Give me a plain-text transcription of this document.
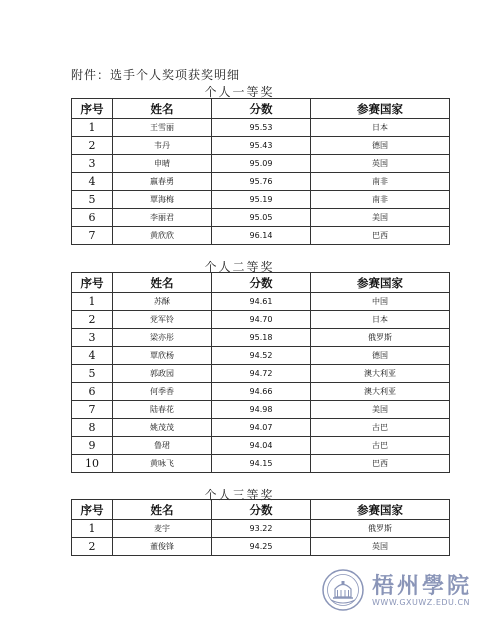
附件：选手个人奖项获奖明细
个人一等奖
序号	姓名	分数	参赛国家
1	王雪丽	95.53	日本
2	韦丹	95.43	德国
3	申晴	95.09	英国
4	嬴春勇	95.76	南非
5	覃海梅	95.19	南非
6	李丽君	95.05	美国
7	黄欣欣	96.14	巴西
个人二等奖
序号	姓名	分数	参赛国家
1	苏酥	94.61	中国
2	党军铃	94.70	日本
3	梁亦彤	95.18	俄罗斯
4	覃欣杨	94.52	德国
5	郭政园	94.72	澳大利亚
6	何季香	94.66	澳大利亚
7	陆春花	94.98	美国
8	姚茂茂	94.07	古巴
9	鲁珺	94.04	古巴
10	黄咏飞	94.15	巴西
个人三等奖
序号	姓名	分数	参赛国家
1	麦宇	93.22	俄罗斯
2	董俊锋	94.25	英国
梧州學院
WWW.GXUWZ.EDU.CN
